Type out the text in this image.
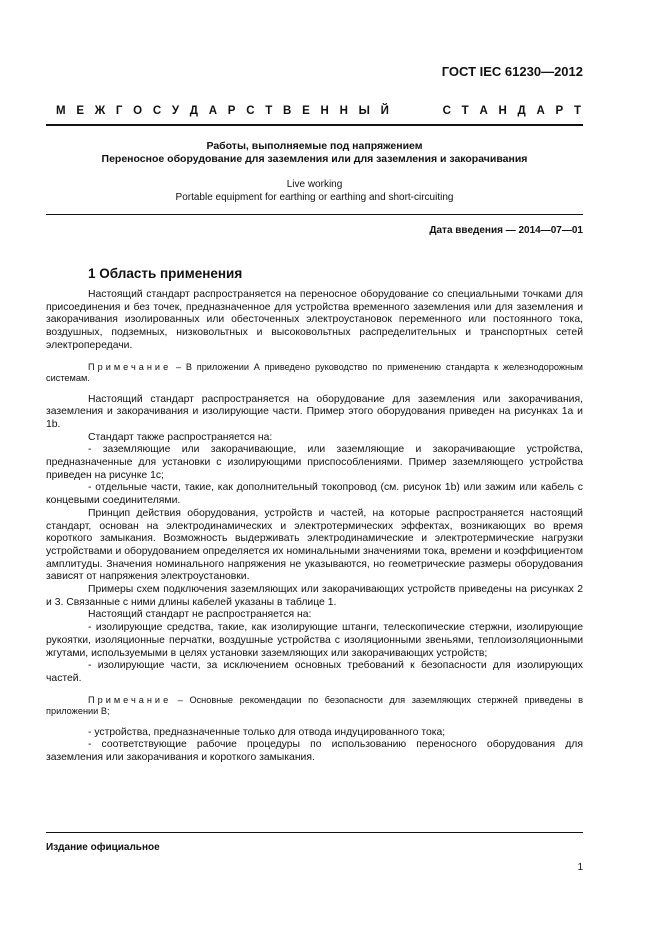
ГОСТ IEC 61230—2012
М Е Ж Г О С У Д А Р С Т В Е Н Н Ы Й     С Т А Н Д А Р Т
Работы, выполняемые под напряжением
Переносное оборудование для заземления или для заземления и закорачивания
Live working
Portable equipment for earthing or earthing and short-circuiting
Дата введения — 2014—07—01
1 Область применения

Настоящий стандарт распространяется на переносное оборудование со специальными точками для присоединения и без точек, предназначенное для устройства временного заземления или для заземления и закорачивания изолированных или обесточенных электроустановок переменного или постоянного тока, воздушных, подземных, низковольтных и высоковольтных распределительных и транспортных сетей электропередачи.

Примечание – В приложении А приведено руководство по применению стандарта к железнодорожным системам.

Настоящий стандарт распространяется на оборудование для заземления или закорачивания, заземления и закорачивания и изолирующие части. Пример этого оборудования приведен на рисунках 1а и 1b.

Стандарт также распространяется на:

- заземляющие или закорачивающие, или заземляющие и закорачивающие устройства, предназначенные для установки с изолирующими приспособлениями. Пример заземляющего устройства приведен на рисунке 1с;

- отдельные части, такие, как дополнительный токопровод (см. рисунок 1b) или зажим или кабель с концевыми соединителями.

Принцип действия оборудования, устройств и частей, на которые распространяется настоящий стандарт, основан на электродинамических и электротермических эффектах, возникающих во время короткого замыкания. Возможность выдерживать электродинамические и электротермические нагрузки устройствами и оборудованием определяется их номинальными значениями тока, времени и коэффициентом амплитуды. Значения номинального напряжения не указываются, но геометрические размеры оборудования зависят от напряжения электроустановки.

Примеры схем подключения заземляющих или закорачивающих устройств приведены на рисунках 2 и 3. Связанные с ними длины кабелей указаны в таблице 1.

Настоящий стандарт не распространяется на:

- изолирующие средства, такие, как изолирующие штанги, телескопические стержни, изолирующие рукоятки, изоляционные перчатки, воздушные устройства с изоляционными звеньями, теплоизоляционными жгутами, используемыми в целях установки заземляющих или закорачивающих устройств;

- изолирующие части, за исключением основных требований к безопасности для изолирующих частей.

Примечание – Основные рекомендации по безопасности для заземляющих стержней приведены в приложении В;

- устройства, предназначенные только для отвода индуцированного тока;

- соответствующие рабочие процедуры по использованию переносного оборудования для заземления или закорачивания и короткого замыкания.

Издание официальное
1
